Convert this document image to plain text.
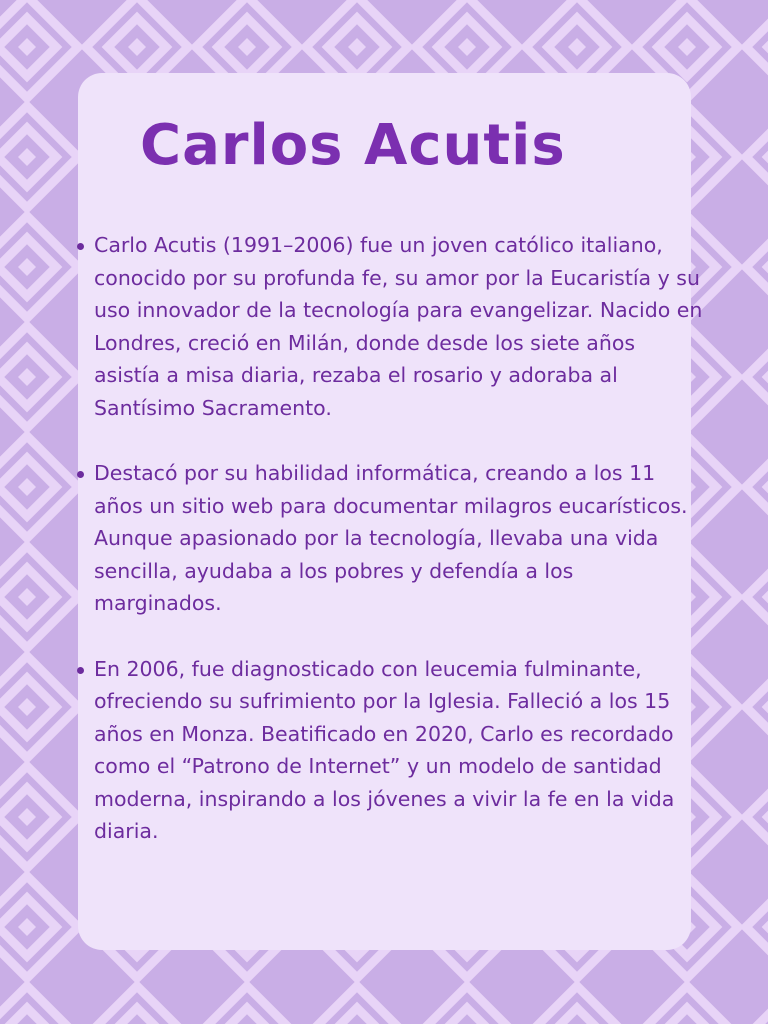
Carlos Acutis
Carlo Acutis (1991–2006) fue un joven católico italiano, conocido por su profunda fe, su amor por la Eucaristía y su uso innovador de la tecnología para evangelizar. Nacido en Londres, creció en Milán, donde desde los siete años asistía a misa diaria, rezaba el rosario y adoraba al Santísimo Sacramento.
Destacó por su habilidad informática, creando a los 11 años un sitio web para documentar milagros eucarísticos. Aunque apasionado por la tecnología, llevaba una vida sencilla, ayudaba a los pobres y defendía a los marginados.
En 2006, fue diagnosticado con leucemia fulminante, ofreciendo su sufrimiento por la Iglesia. Falleció a los 15 años en Monza. Beatificado en 2020, Carlo es recordado como el “Patrono de Internet” y un modelo de santidad moderna, inspirando a los jóvenes a vivir la fe en la vida diaria.
